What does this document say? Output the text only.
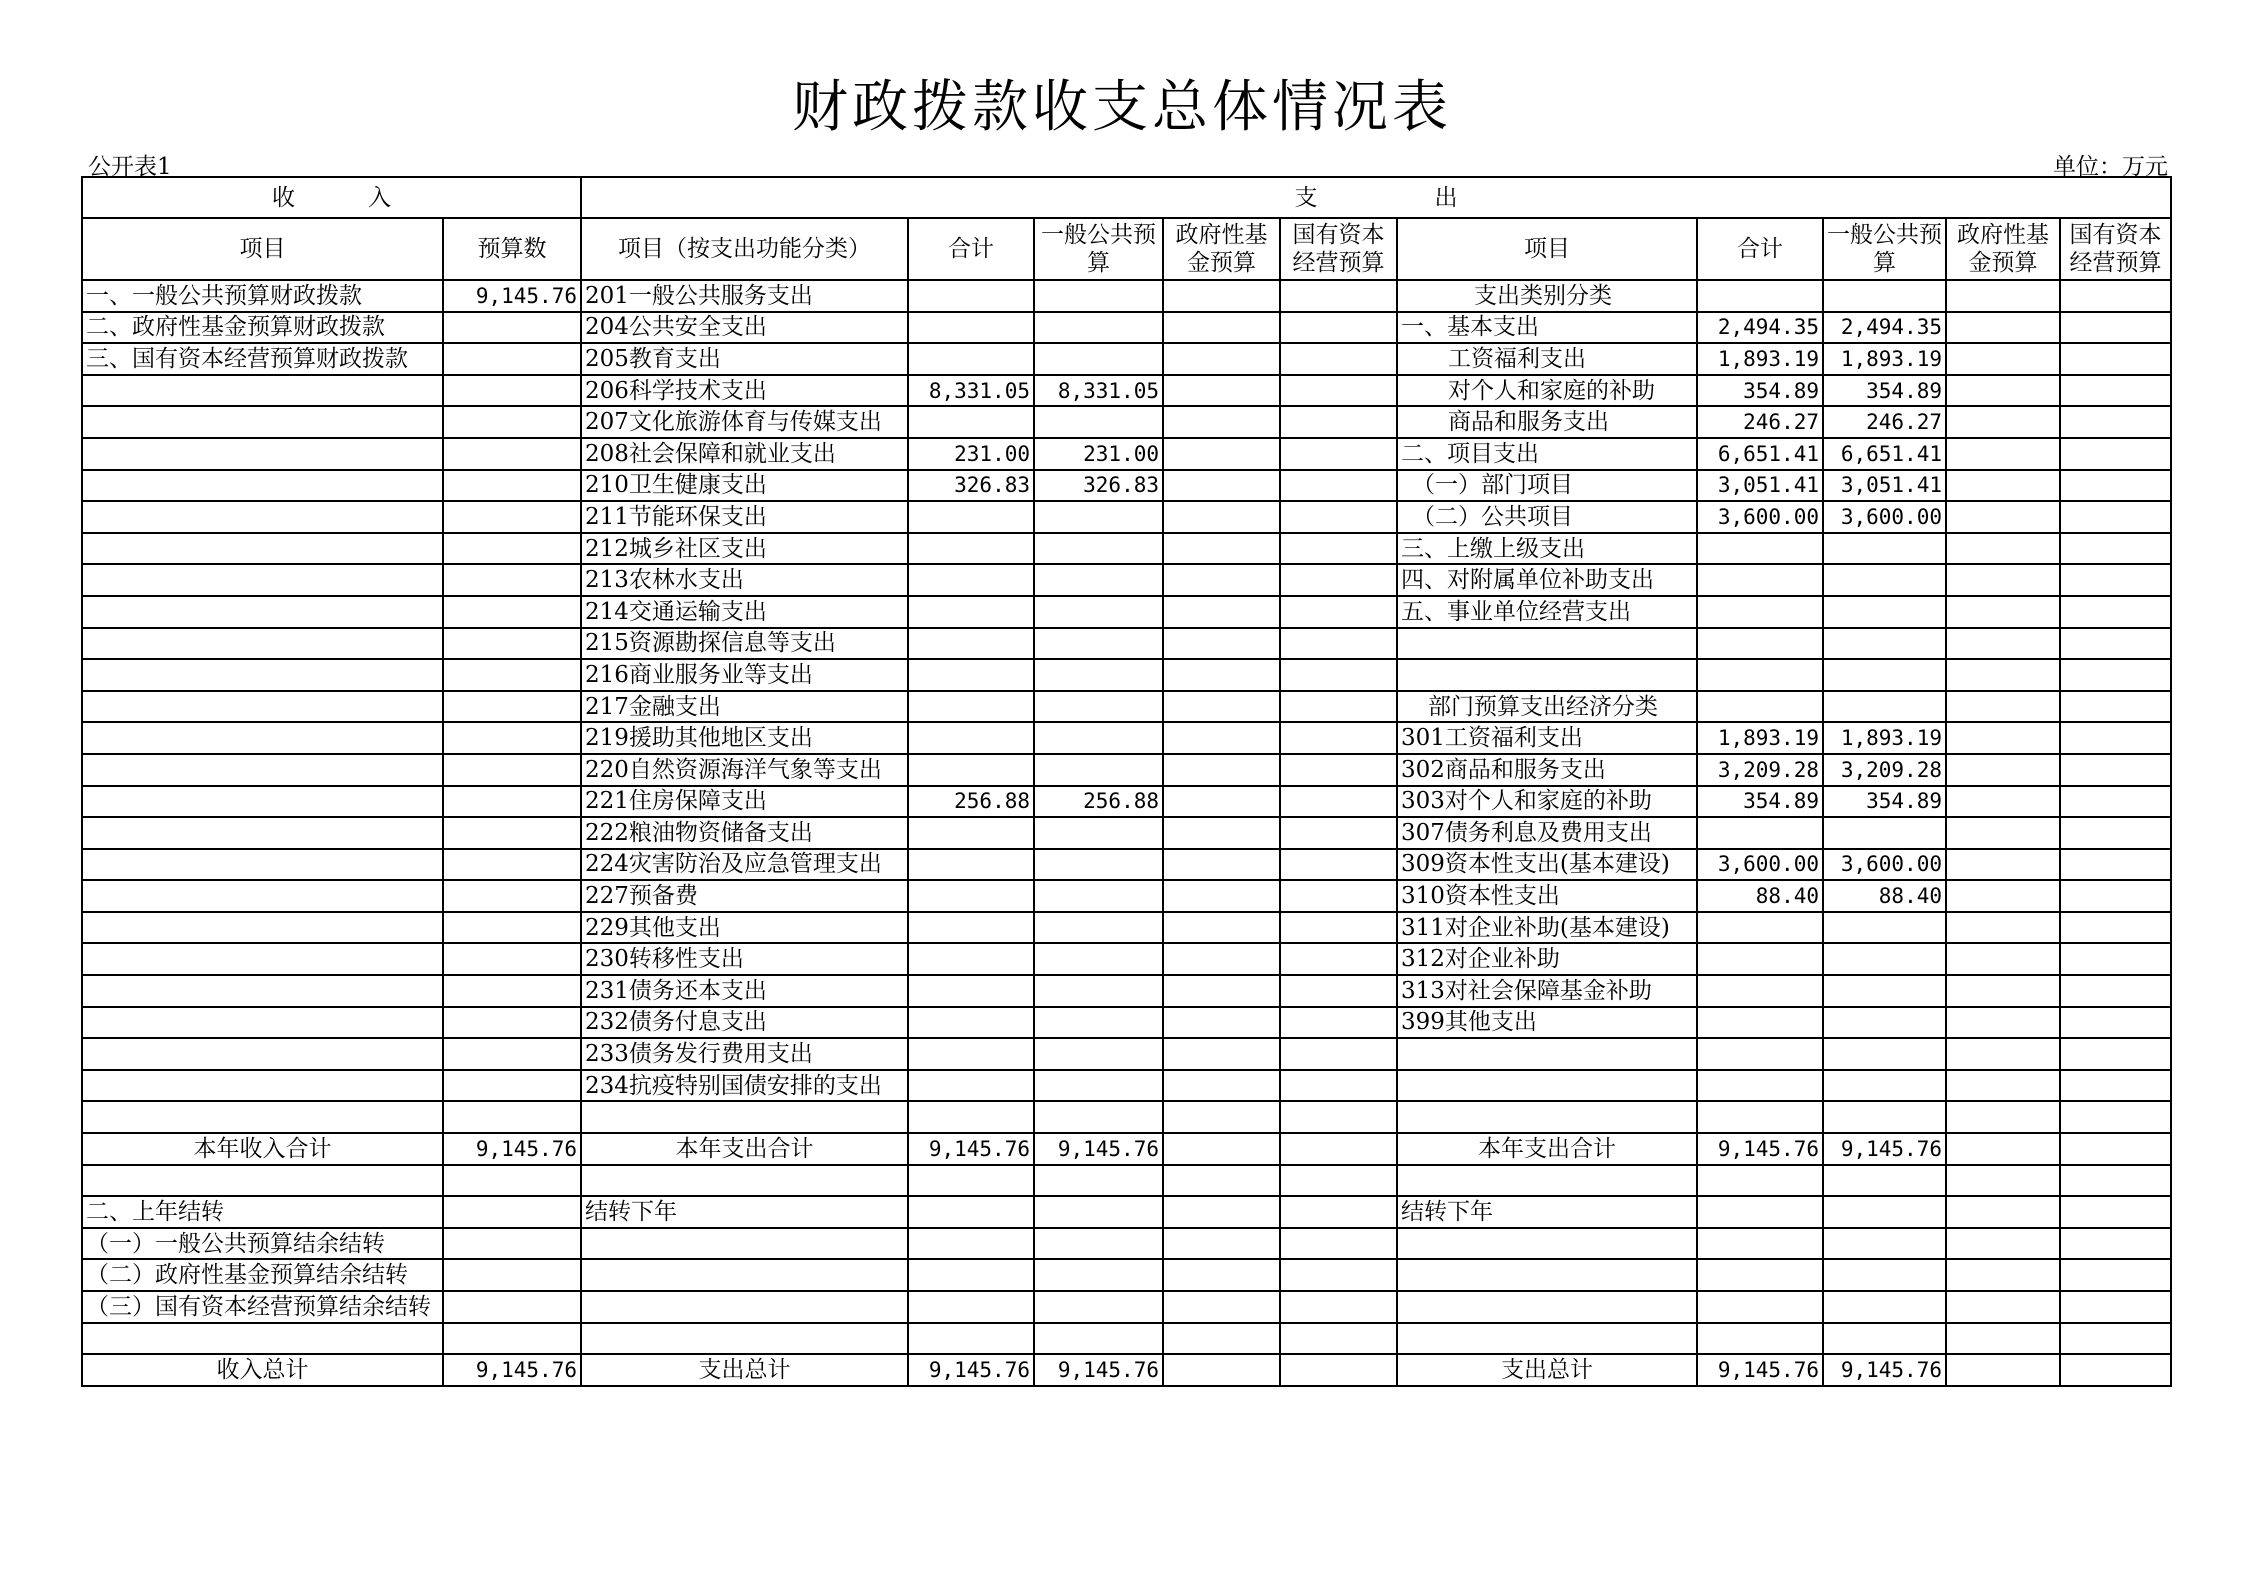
财政拨款收支总体情况表
公开表1	单位：万元
收          入		支                出									
项目	预算数	项目（按支出功能分类）	合计	一般公共预算	政府性基金预算	国有资本经营预算	项目	合计	一般公共预算	政府性基金预算	国有资本经营预算
一、一般公共预算财政拨款	9,145.76	201一般公共服务支出					支出类别分类				
二、政府性基金预算财政拨款		204公共安全支出					一、基本支出	2,494.35	2,494.35		
三、国有资本经营预算财政拨款		205教育支出					工资福利支出	1,893.19	1,893.19		
		206科学技术支出	8,331.05	8,331.05			对个人和家庭的补助	354.89	354.89		
		207文化旅游体育与传媒支出					商品和服务支出	246.27	246.27		
		208社会保障和就业支出	231.00	231.00			二、项目支出	6,651.41	6,651.41		
		210卫生健康支出	326.83	326.83			（一）部门项目	3,051.41	3,051.41		
		211节能环保支出					（二）公共项目	3,600.00	3,600.00		
		212城乡社区支出					三、上缴上级支出				
		213农林水支出					四、对附属单位补助支出				
		214交通运输支出					五、事业单位经营支出				
		215资源勘探信息等支出									
		216商业服务业等支出									
		217金融支出					部门预算支出经济分类				
		219援助其他地区支出					301工资福利支出	1,893.19	1,893.19		
		220自然资源海洋气象等支出					302商品和服务支出	3,209.28	3,209.28		
		221住房保障支出	256.88	256.88			303对个人和家庭的补助	354.89	354.89		
		222粮油物资储备支出					307债务利息及费用支出				
		224灾害防治及应急管理支出					309资本性支出(基本建设)	3,600.00	3,600.00		
		227预备费					310资本性支出	88.40	88.40		
		229其他支出					311对企业补助(基本建设)				
		230转移性支出					312对企业补助				
		231债务还本支出					313对社会保障基金补助				
		232债务付息支出					399其他支出				
		233债务发行费用支出									
		234抗疫特别国债安排的支出									

本年收入合计	9,145.76	本年支出合计	9,145.76	9,145.76			本年支出合计	9,145.76	9,145.76		

二、上年结转		结转下年					结转下年				
（一）一般公共预算结余结转											
（二）政府性基金预算结余结转											
（三）国有资本经营预算结余结转											

收入总计	9,145.76	支出总计	9,145.76	9,145.76			支出总计	9,145.76	9,145.76		
